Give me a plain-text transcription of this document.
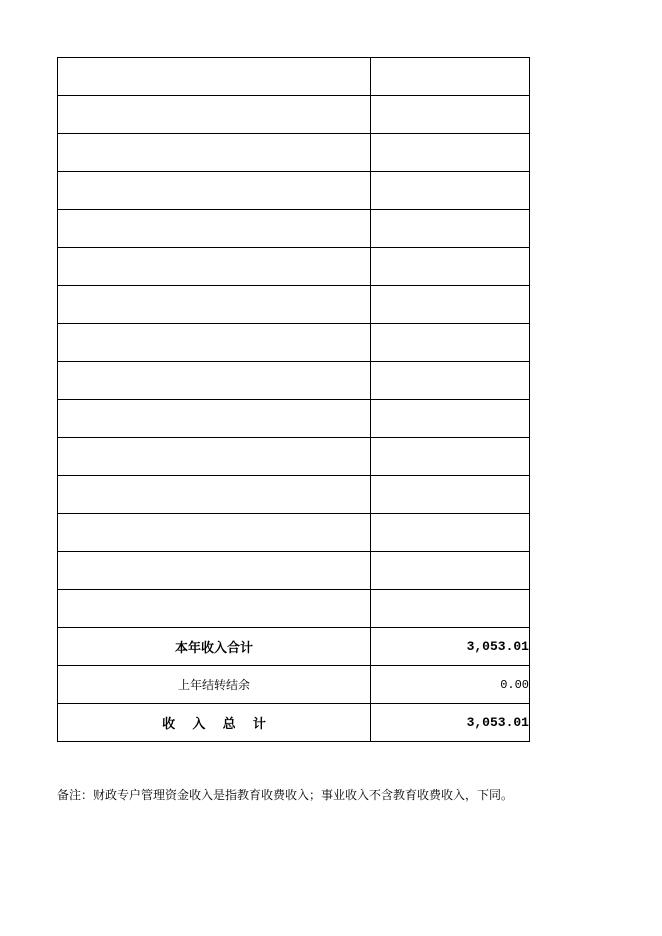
本年收入合计	3,053.01
上年结转结余	0.00
收 入 总 计	3,053.01
备注：财政专户管理资金收入是指教育收费收入；事业收入不含教育收费收入，下同。
